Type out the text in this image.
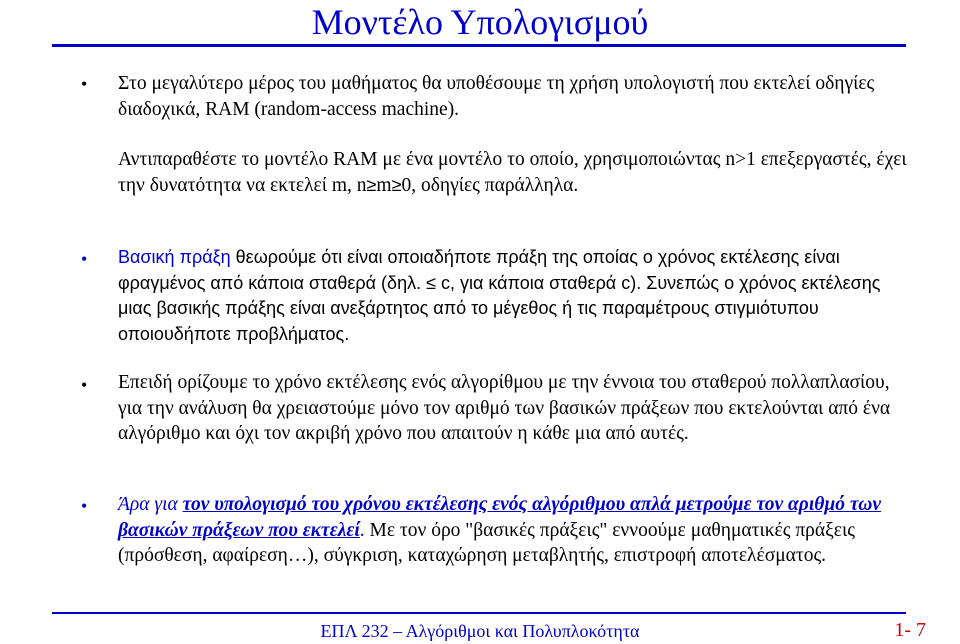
Μοντέλο Υπολογισμού
• Στο μεγαλύτερο μέρος του μαθήματος θα υποθέσουμε τη χρήση υπολογιστή που εκτελεί οδηγίες διαδοχικά, RAM (random-access machine).
Αντιπαραθέστε το μοντέλο RAM με ένα μοντέλο το οποίο, χρησιμοποιώντας n>1 επεξεργαστές, έχει την δυνατότητα να εκτελεί m, n≥m≥0, οδηγίες παράλληλα.
• Βασική πράξη θεωρούμε ότι είναι οποιαδήποτε πράξη της οποίας ο χρόνος εκτέλεσης είναι φραγμένος από κάποια σταθερά (δηλ. ≤ c, για κάποια σταθερά c). Συνεπώς ο χρόνος εκτέλεσης μιας βασικής πράξης είναι ανεξάρτητος από το μέγεθος ή τις παραμέτρους στιγμιότυπου οποιουδήποτε προβλήματος.
• Επειδή ορίζουμε το χρόνο εκτέλεσης ενός αλγορίθμου με την έννοια του σταθερού πολλαπλασίου, για την ανάλυση θα χρειαστούμε μόνο τον αριθμό των βασικών πράξεων που εκτελούνται από ένα αλγόριθμο και όχι τον ακριβή χρόνο που απαιτούν η κάθε μια από αυτές.
• Άρα για τον υπολογισμό του χρόνου εκτέλεσης ενός αλγόριθμου απλά μετρούμε τον αριθμό των βασικών πράξεων που εκτελεί. Με τον όρο "βασικές πράξεις" εννοούμε μαθηματικές πράξεις (πρόσθεση, αφαίρεση…), σύγκριση, καταχώρηση μεταβλητής, επιστροφή αποτελέσματος.
ΕΠΛ 232 – Αλγόριθμοι και Πολυπλοκότητα	1- 7
